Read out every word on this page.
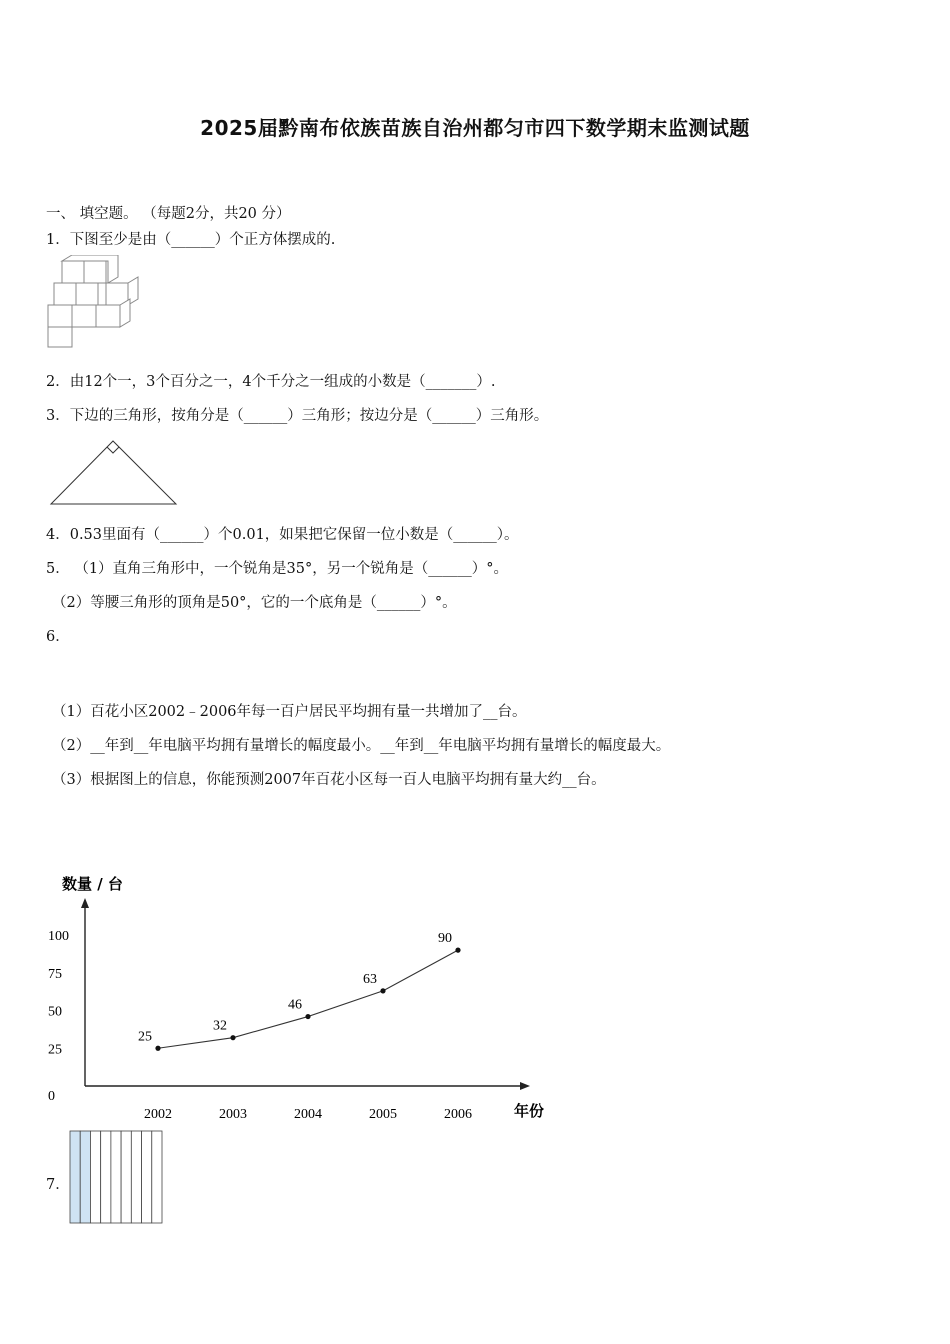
2025届黔南布依族苗族自治州都匀市四下数学期末监测试题
一、 填空题。 （每题2分，共20 分）
1．下图至少是由（______）个正方体摆成的.
2．由12个一，3个百分之一，4个千分之一组成的小数是（_______）.
3．下边的三角形，按角分是（______）三角形；按边分是（______）三角形。
4．0.53里面有（______）个0.01，如果把它保留一位小数是（______）。
5． （1）直角三角形中，一个锐角是35°，另一个锐角是（______）°。
（2）等腰三角形的顶角是50°，它的一个底角是（______）°。
6．
（1）百花小区2002﹣2006年每一百户居民平均拥有量一共增加了__台。
（2）__年到__年电脑平均拥有量增长的幅度最小。__年到__年电脑平均拥有量增长的幅度最大。
（3）根据图上的信息，你能预测2007年百花小区每一百人电脑平均拥有量大约__台。
数量 / 台
年份
0
25
50
75
100
2002	2003	2004	2005	2006
25
32
46
63
90
7．
